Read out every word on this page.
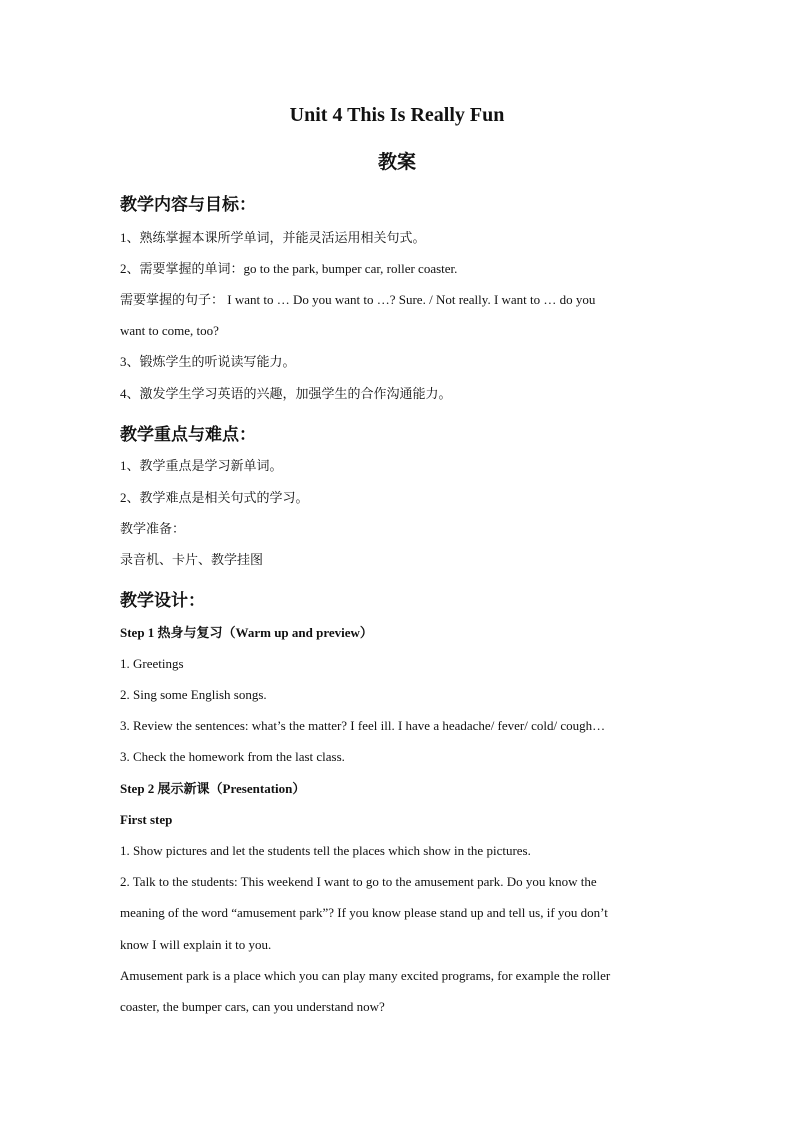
Unit 4 This Is Really Fun
教案
教学内容与目标：
1、熟练掌握本课所学单词，并能灵活运用相关句式。
2、需要掌握的单词：go to the park, bumper car, roller coaster.
需要掌握的句子： I want to … Do you want to …? Sure. / Not really. I want to … do you
want to come, too?
3、锻炼学生的听说读写能力。
4、激发学生学习英语的兴趣，加强学生的合作沟通能力。
教学重点与难点：
1、教学重点是学习新单词。
2、教学难点是相关句式的学习。
教学准备：
录音机、卡片、教学挂图
教学设计：
Step 1 热身与复习（Warm up and preview）
1. Greetings
2. Sing some English songs.
3. Review the sentences: what’s the matter? I feel ill. I have a headache/ fever/ cold/ cough…
3. Check the homework from the last class.
Step 2 展示新课（Presentation）
First step
1. Show pictures and let the students tell the places which show in the pictures.
2. Talk to the students: This weekend I want to go to the amusement park. Do you know the
meaning of the word “amusement park”? If you know please stand up and tell us, if you don’t
know I will explain it to you.
Amusement park is a place which you can play many excited programs, for example the roller
coaster, the bumper cars, can you understand now?
